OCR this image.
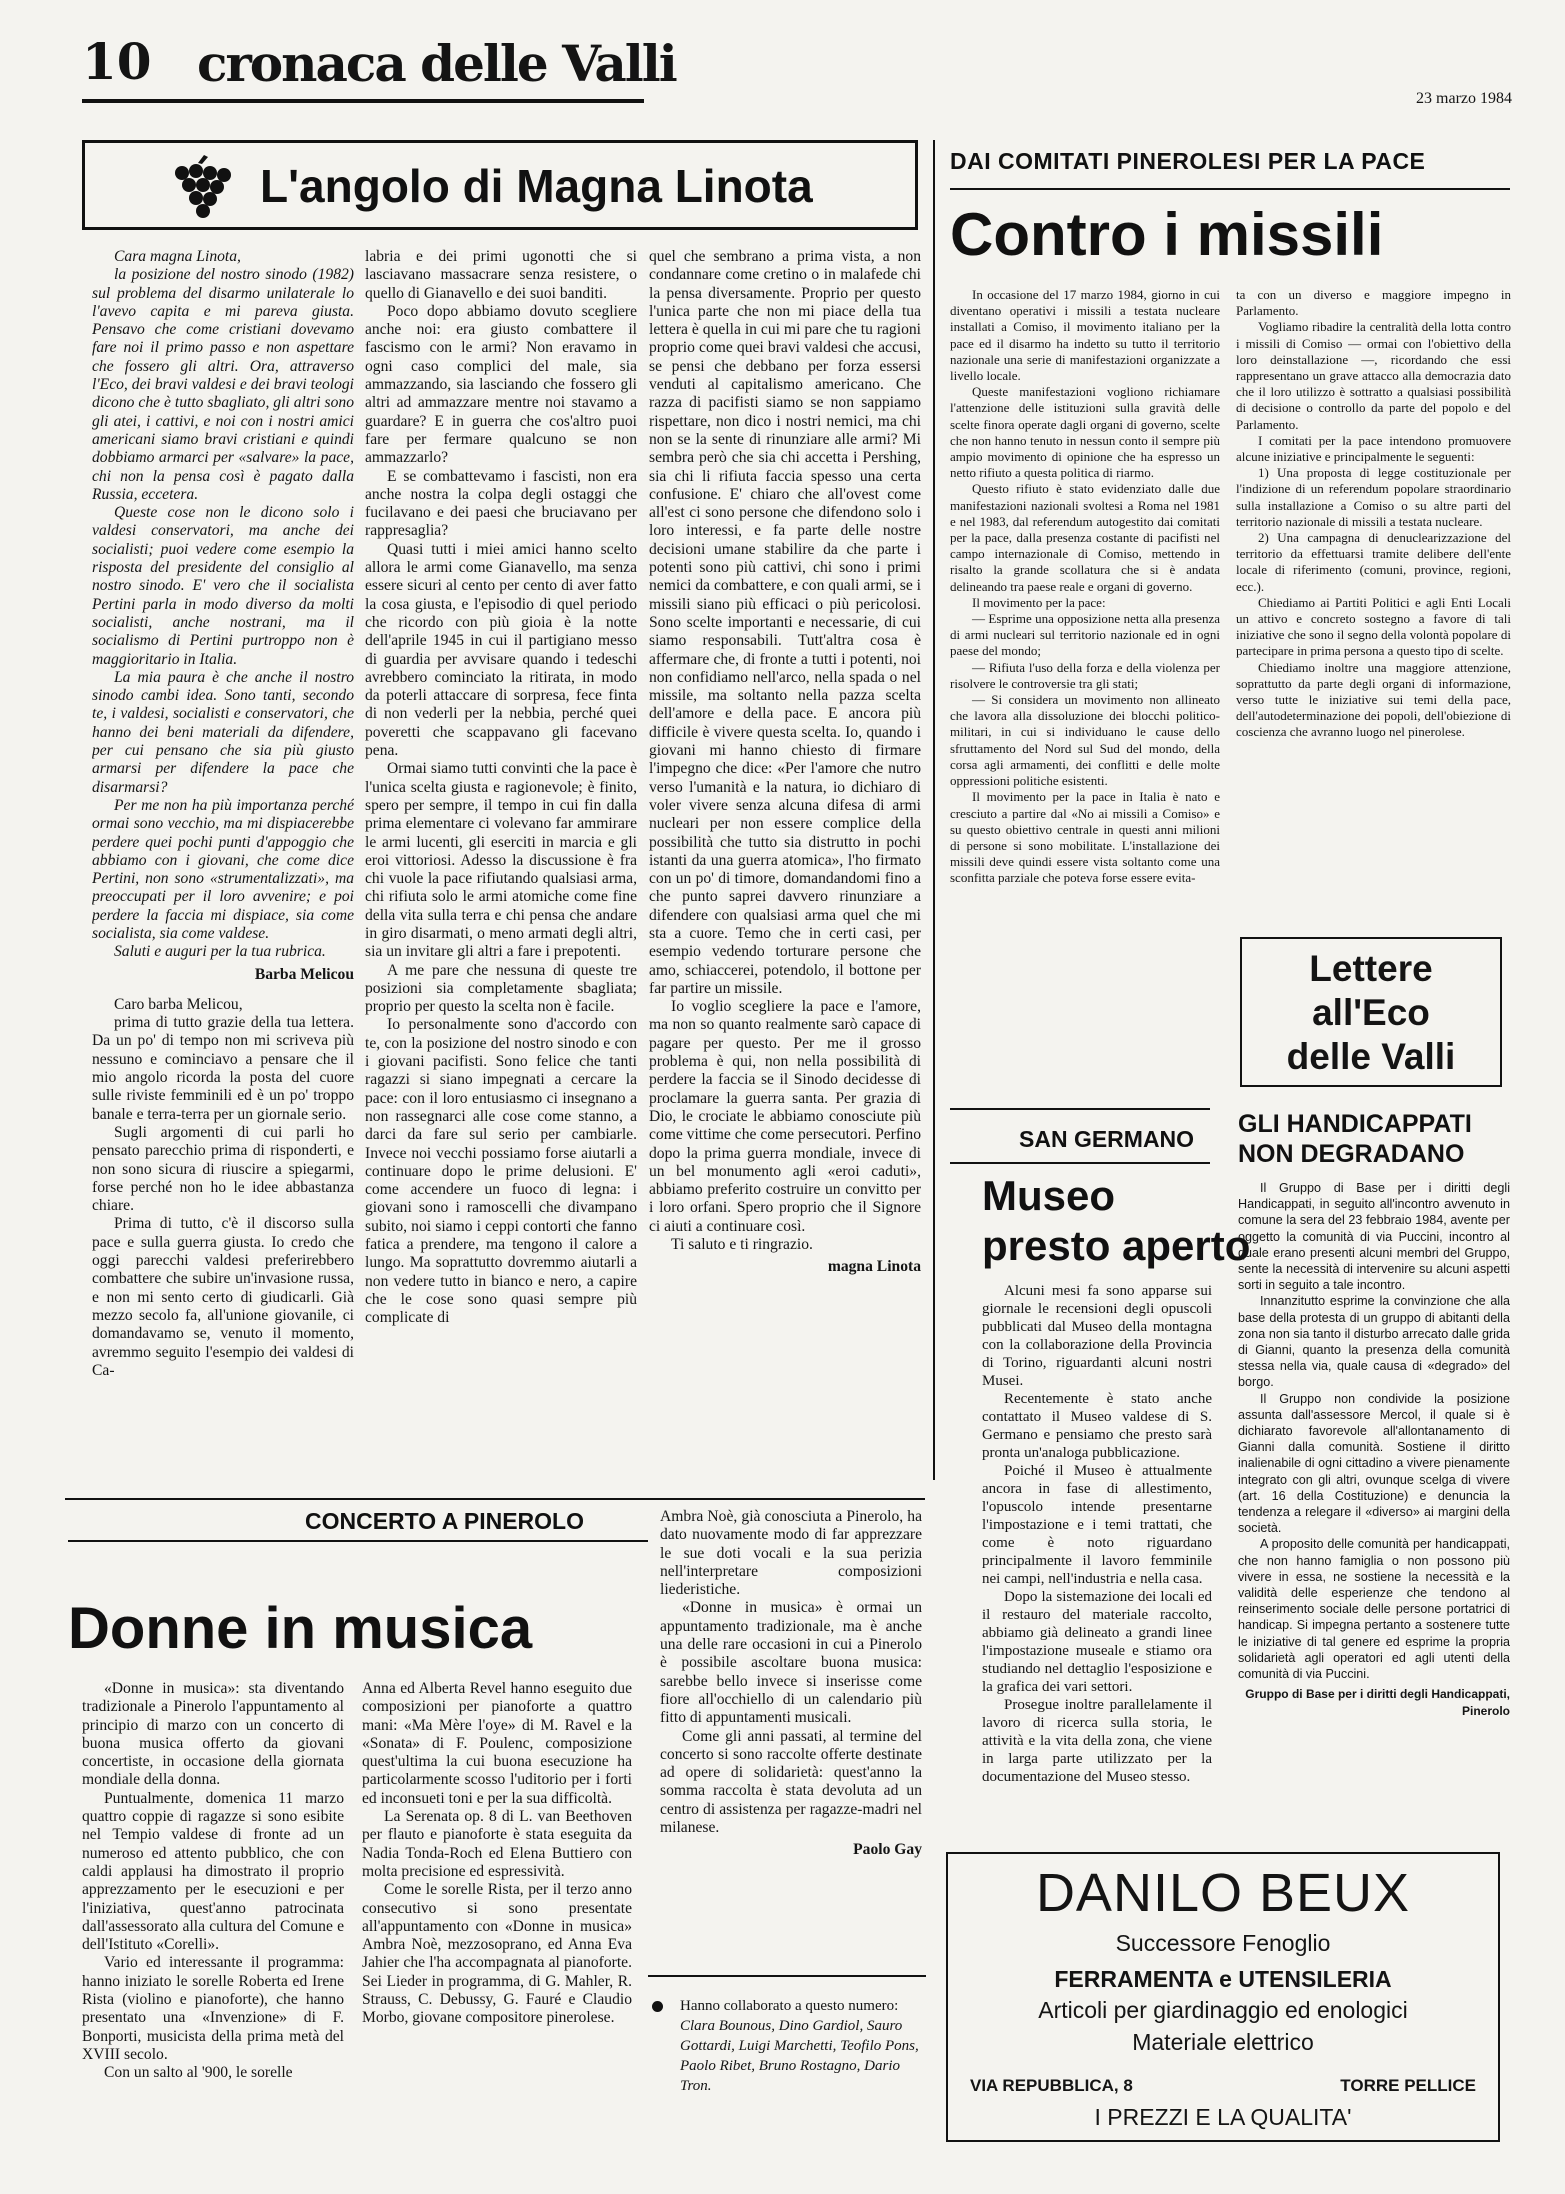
10 cronaca delle Valli
23 marzo 1984
L'angolo di Magna Linota

Cara magna Linota,

la posizione del nostro sinodo (1982) sul problema del disarmo unilaterale lo l'avevo capita e mi pareva giusta. Pensavo che come cristiani dovevamo fare noi il primo passo e non aspettare che fossero gli altri. Ora, attraverso l'Eco, dei bravi valdesi e dei bravi teologi dicono che è tutto sbagliato, gli altri sono gli atei, i cattivi, e noi con i nostri amici americani siamo bravi cristiani e quindi dobbiamo armarci per «salvare» la pace, chi non la pensa così è pagato dalla Russia, eccetera.

Queste cose non le dicono solo i valdesi conservatori, ma anche dei socialisti; puoi vedere come esempio la risposta del presidente del consiglio al nostro sinodo. E' vero che il socialista Pertini parla in modo diverso da molti socialisti, anche nostrani, ma il socialismo di Pertini purtroppo non è maggioritario in Italia.

La mia paura è che anche il nostro sinodo cambi idea. Sono tanti, secondo te, i valdesi, socialisti e conservatori, che hanno dei beni materiali da difendere, per cui pensano che sia più giusto armarsi per difendere la pace che disarmarsi?

Per me non ha più importanza perché ormai sono vecchio, ma mi dispiacerebbe perdere quei pochi punti d'appoggio che abbiamo con i giovani, che come dice Pertini, non sono «strumentalizzati», ma preoccupati per il loro avvenire; e poi perdere la faccia mi dispiace, sia come socialista, sia come valdese.

Saluti e auguri per la tua rubrica.

Barba Melicou

Caro barba Melicou,

prima di tutto grazie della tua lettera. Da un po' di tempo non mi scriveva più nessuno e cominciavo a pensare che il mio angolo ricorda la posta del cuore sulle riviste femminili ed è un po' troppo banale e terra-terra per un giornale serio.

Sugli argomenti di cui parli ho pensato parecchio prima di risponderti, e non sono sicura di riuscire a spiegarmi, forse perché non ho le idee abbastanza chiare.

Prima di tutto, c'è il discorso sulla pace e sulla guerra giusta. Io credo che oggi parecchi valdesi preferirebbero combattere che subire un'invasione russa, e non mi sento certo di giudicarli. Già mezzo secolo fa, all'unione giovanile, ci domandavamo se, venuto il momento, avremmo seguito l'esempio dei valdesi di Ca-

labria e dei primi ugonotti che si lasciavano massacrare senza resistere, o quello di Gianavello e dei suoi banditi.

Poco dopo abbiamo dovuto scegliere anche noi: era giusto combattere il fascismo con le armi? Non eravamo in ogni caso complici del male, sia ammazzando, sia lasciando che fossero gli altri ad ammazzare mentre noi stavamo a guardare? E in guerra che cos'altro puoi fare per fermare qualcuno se non ammazzarlo?

E se combattevamo i fascisti, non era anche nostra la colpa degli ostaggi che fucilavano e dei paesi che bruciavano per rappresaglia?

Quasi tutti i miei amici hanno scelto allora le armi come Gianavello, ma senza essere sicuri al cento per cento di aver fatto la cosa giusta, e l'episodio di quel periodo che ricordo con più gioia è la notte dell'aprile 1945 in cui il partigiano messo di guardia per avvisare quando i tedeschi avrebbero cominciato la ritirata, in modo da poterli attaccare di sorpresa, fece finta di non vederli per la nebbia, perché quei poveretti che scappavano gli facevano pena.

Ormai siamo tutti convinti che la pace è l'unica scelta giusta e ragionevole; è finito, spero per sempre, il tempo in cui fin dalla prima elementare ci volevano far ammirare le armi lucenti, gli eserciti in marcia e gli eroi vittoriosi. Adesso la discussione è fra chi vuole la pace rifiutando qualsiasi arma, chi rifiuta solo le armi atomiche come fine della vita sulla terra e chi pensa che andare in giro disarmati, o meno armati degli altri, sia un invitare gli altri a fare i prepotenti.

A me pare che nessuna di queste tre posizioni sia completamente sbagliata; proprio per questo la scelta non è facile.

Io personalmente sono d'accordo con te, con la posizione del nostro sinodo e con i giovani pacifisti. Sono felice che tanti ragazzi si siano impegnati a cercare la pace: con il loro entusiasmo ci insegnano a non rassegnarci alle cose come stanno, a darci da fare sul serio per cambiarle. Invece noi vecchi possiamo forse aiutarli a continuare dopo le prime delusioni. E' come accendere un fuoco di legna: i giovani sono i ramoscelli che divampano subito, noi siamo i ceppi contorti che fanno fatica a prendere, ma tengono il calore a lungo. Ma soprattutto dovremmo aiutarli a non vedere tutto in bianco e nero, a capire che le cose sono quasi sempre più complicate di

quel che sembrano a prima vista, a non condannare come cretino o in malafede chi la pensa diversamente. Proprio per questo l'unica parte che non mi piace della tua lettera è quella in cui mi pare che tu ragioni proprio come quei bravi valdesi che accusi, se pensi che debbano per forza essersi venduti al capitalismo americano. Che razza di pacifisti siamo se non sappiamo rispettare, non dico i nostri nemici, ma chi non se la sente di rinunziare alle armi? Mi sembra però che sia chi accetta i Pershing, sia chi li rifiuta faccia spesso una certa confusione. E' chiaro che all'ovest come all'est ci sono persone che difendono solo i loro interessi, e fa parte delle nostre decisioni umane stabilire da che parte i potenti sono più cattivi, chi sono i primi nemici da combattere, e con quali armi, se i missili siano più efficaci o più pericolosi. Sono scelte importanti e necessarie, di cui siamo responsabili. Tutt'altra cosa è affermare che, di fronte a tutti i potenti, noi non confidiamo nell'arco, nella spada o nel missile, ma soltanto nella pazza scelta dell'amore e della pace. E ancora più difficile è vivere questa scelta. Io, quando i giovani mi hanno chiesto di firmare l'impegno che dice: «Per l'amore che nutro verso l'umanità e la natura, io dichiaro di voler vivere senza alcuna difesa di armi nucleari per non essere complice della possibilità che tutto sia distrutto in pochi istanti da una guerra atomica», l'ho firmato con un po' di timore, domandandomi fino a che punto saprei davvero rinunziare a difendere con qualsiasi arma quel che mi sta a cuore. Temo che in certi casi, per esempio vedendo torturare persone che amo, schiaccerei, potendolo, il bottone per far partire un missile.

Io voglio scegliere la pace e l'amore, ma non so quanto realmente sarò capace di pagare per questo. Per me il grosso problema è qui, non nella possibilità di perdere la faccia se il Sinodo decidesse di proclamare la guerra santa. Per grazia di Dio, le crociate le abbiamo conosciute più come vittime che come persecutori. Perfino dopo la prima guerra mondiale, invece di un bel monumento agli «eroi caduti», abbiamo preferito costruire un convitto per i loro orfani. Spero proprio che il Signore ci aiuti a continuare così.

Ti saluto e ti ringrazio.

magna Linota

DAI COMITATI PINEROLESI PER LA PACE
Contro i missili

In occasione del 17 marzo 1984, giorno in cui diventano operativi i missili a testata nucleare installati a Comiso, il movimento italiano per la pace ed il disarmo ha indetto su tutto il territorio nazionale una serie di manifestazioni organizzate a livello locale.

Queste manifestazioni vogliono richiamare l'attenzione delle istituzioni sulla gravità delle scelte finora operate dagli organi di governo, scelte che non hanno tenuto in nessun conto il sempre più ampio movimento di opinione che ha espresso un netto rifiuto a questa politica di riarmo.

Questo rifiuto è stato evidenziato dalle due manifestazioni nazionali svoltesi a Roma nel 1981 e nel 1983, dal referendum autogestito dai comitati per la pace, dalla presenza costante di pacifisti nel campo internazionale di Comiso, mettendo in risalto la grande scollatura che si è andata delineando tra paese reale e organi di governo.

Il movimento per la pace:

— Esprime una opposizione netta alla presenza di armi nucleari sul territorio nazionale ed in ogni paese del mondo;

— Rifiuta l'uso della forza e della violenza per risolvere le controversie tra gli stati;

— Si considera un movimento non allineato che lavora alla dissoluzione dei blocchi politico-militari, in cui si individuano le cause dello sfruttamento del Nord sul Sud del mondo, della corsa agli armamenti, dei conflitti e delle molte oppressioni politiche esistenti.

Il movimento per la pace in Italia è nato e cresciuto a partire dal «No ai missili a Comiso» e su questo obiettivo centrale in questi anni milioni di persone si sono mobilitate. L'installazione dei missili deve quindi essere vista soltanto come una sconfitta parziale che poteva forse essere evita-

ta con un diverso e maggiore impegno in Parlamento.

Vogliamo ribadire la centralità della lotta contro i missili di Comiso — ormai con l'obiettivo della loro deinstallazione —, ricordando che essi rappresentano un grave attacco alla democrazia dato che il loro utilizzo è sottratto a qualsiasi possibilità di decisione o controllo da parte del popolo e del Parlamento.

I comitati per la pace intendono promuovere alcune iniziative e principalmente le seguenti:

1) Una proposta di legge costituzionale per l'indizione di un referendum popolare straordinario sulla installazione a Comiso o su altre parti del territorio nazionale di missili a testata nucleare.

2) Una campagna di denuclearizzazione del territorio da effettuarsi tramite delibere dell'ente locale di riferimento (comuni, province, regioni, ecc.).

Chiediamo ai Partiti Politici e agli Enti Locali un attivo e concreto sostegno a favore di tali iniziative che sono il segno della volontà popolare di partecipare in prima persona a questo tipo di scelte.

Chiediamo inoltre una maggiore attenzione, soprattutto da parte degli organi di informazione, verso tutte le iniziative sui temi della pace, dell'autodeterminazione dei popoli, dell'obiezione di coscienza che avranno luogo nel pinerolese.

Lettere
all'Eco
delle Valli
SAN GERMANO
Museo
presto aperto

Alcuni mesi fa sono apparse sui giornale le recensioni degli opuscoli pubblicati dal Museo della montagna con la collaborazione della Provincia di Torino, riguardanti alcuni nostri Musei.

Recentemente è stato anche contattato il Museo valdese di S. Germano e pensiamo che presto sarà pronta un'analoga pubblicazione.

Poiché il Museo è attualmente ancora in fase di allestimento, l'opuscolo intende presentarne l'impostazione e i temi trattati, che come è noto riguardano principalmente il lavoro femminile nei campi, nell'industria e nella casa.

Dopo la sistemazione dei locali ed il restauro del materiale raccolto, abbiamo già delineato a grandi linee l'impostazione museale e stiamo ora studiando nel dettaglio l'esposizione e la grafica dei vari settori.

Prosegue inoltre parallelamente il lavoro di ricerca sulla storia, le attività e la vita della zona, che viene in larga parte utilizzato per la documentazione del Museo stesso.

GLI HANDICAPPATI
NON DEGRADANO

Il Gruppo di Base per i diritti degli Handicappati, in seguito all'incontro avvenuto in comune la sera del 23 febbraio 1984, avente per oggetto la comunità di via Puccini, incontro al quale erano presenti alcuni membri del Gruppo, sente la necessità di intervenire su alcuni aspetti sorti in seguito a tale incontro.

Innanzitutto esprime la convinzione che alla base della protesta di un gruppo di abitanti della zona non sia tanto il disturbo arrecato dalle grida di Gianni, quanto la presenza della comunità stessa nella via, quale causa di «degrado» del borgo.

Il Gruppo non condivide la posizione assunta dall'assessore Mercol, il quale si è dichiarato favorevole all'allontanamento di Gianni dalla comunità. Sostiene il diritto inalienabile di ogni cittadino a vivere pienamente integrato con gli altri, ovunque scelga di vivere (art. 16 della Costituzione) e denuncia la tendenza a relegare il «diverso» ai margini della società.

A proposito delle comunità per handicappati, che non hanno famiglia o non possono più vivere in essa, ne sostiene la necessità e la validità delle esperienze che tendono al reinserimento sociale delle persone portatrici di handicap. Si impegna pertanto a sostenere tutte le iniziative di tal genere ed esprime la propria solidarietà agli operatori ed agli utenti della comunità di via Puccini.

Gruppo di Base per i diritti degli Handicappati, Pinerolo

CONCERTO A PINEROLO
Donne in musica

«Donne in musica»: sta diventando tradizionale a Pinerolo l'appuntamento al principio di marzo con un concerto di buona musica offerto da giovani concertiste, in occasione della giornata mondiale della donna.

Puntualmente, domenica 11 marzo quattro coppie di ragazze si sono esibite nel Tempio valdese di fronte ad un numeroso ed attento pubblico, che con caldi applausi ha dimostrato il proprio apprezzamento per le esecuzioni e per l'iniziativa, quest'anno patrocinata dall'assessorato alla cultura del Comune e dell'Istituto «Corelli».

Vario ed interessante il programma: hanno iniziato le sorelle Roberta ed Irene Rista (violino e pianoforte), che hanno presentato una «Invenzione» di F. Bonporti, musicista della prima metà del XVIII secolo.

Con un salto al '900, le sorelle

Anna ed Alberta Revel hanno eseguito due composizioni per pianoforte a quattro mani: «Ma Mère l'oye» di M. Ravel e la «Sonata» di F. Poulenc, composizione quest'ultima la cui buona esecuzione ha particolarmente scosso l'uditorio per i forti ed inconsueti toni e per la sua difficoltà.

La Serenata op. 8 di L. van Beethoven per flauto e pianoforte è stata eseguita da Nadia Tonda-Roch ed Elena Buttiero con molta precisione ed espressività.

Come le sorelle Rista, per il terzo anno consecutivo si sono presentate all'appuntamento con «Donne in musica» Ambra Noè, mezzosoprano, ed Anna Eva Jahier che l'ha accompagnata al pianoforte. Sei Lieder in programma, di G. Mahler, R. Strauss, C. Debussy, G. Fauré e Claudio Morbo, giovane compositore pinerolese.

Ambra Noè, già conosciuta a Pinerolo, ha dato nuovamente modo di far apprezzare le sue doti vocali e la sua perizia nell'interpretare composizioni liederistiche.

«Donne in musica» è ormai un appuntamento tradizionale, ma è anche una delle rare occasioni in cui a Pinerolo è possibile ascoltare buona musica: sarebbe bello invece si inserisse come fiore all'occhiello di un calendario più fitto di appuntamenti musicali.

Come gli anni passati, al termine del concerto si sono raccolte offerte destinate ad opere di solidarietà: quest'anno la somma raccolta è stata devoluta ad un centro di assistenza per ragazze-madri nel milanese.

Paolo Gay

Hanno collaborato a questo numero: Clara Bounous, Dino Gardiol, Sauro Gottardi, Luigi Marchetti, Teofilo Pons, Paolo Ribet, Bruno Rostagno, Dario Tron.
DANILO BEUX
Successore Fenoglio
FERRAMENTA e UTENSILERIA
Articoli per giardinaggio ed enologici
Materiale elettrico
VIA REPUBBLICA, 8	TORRE PELLICE
I PREZZI E LA QUALITA'
